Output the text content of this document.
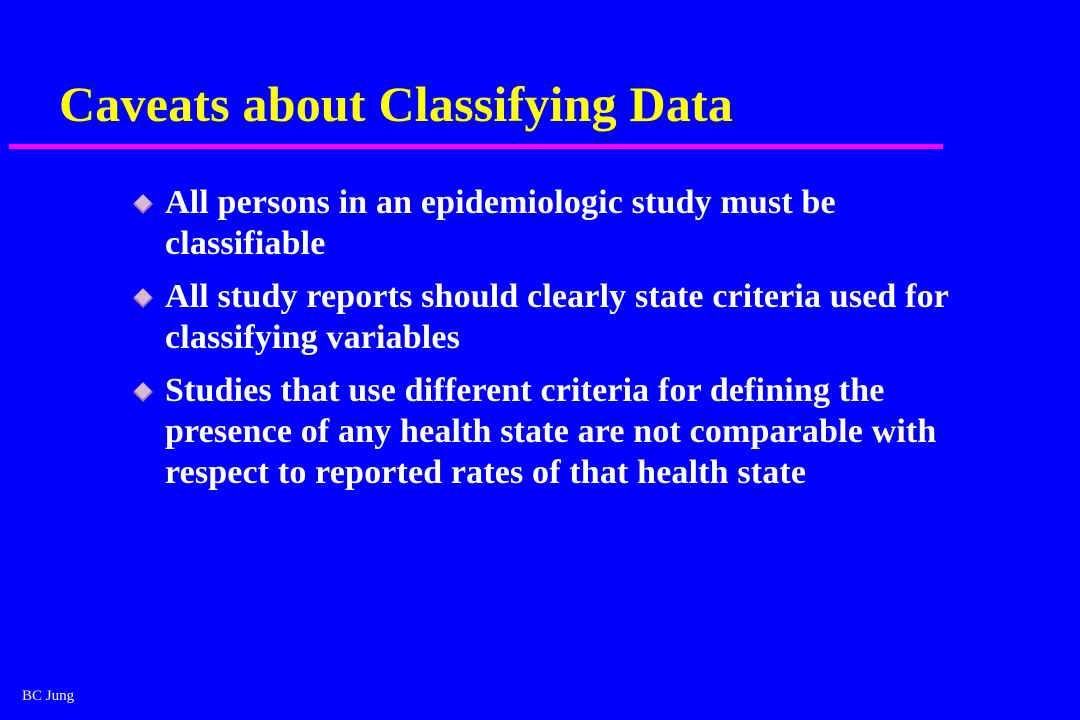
Caveats about Classifying Data
All persons in an epidemiologic study must be classifiable
All study reports should clearly state criteria used for classifying variables
Studies that use different criteria for defining the presence of any health state are not comparable with respect to reported rates of that health state

BC Jung
